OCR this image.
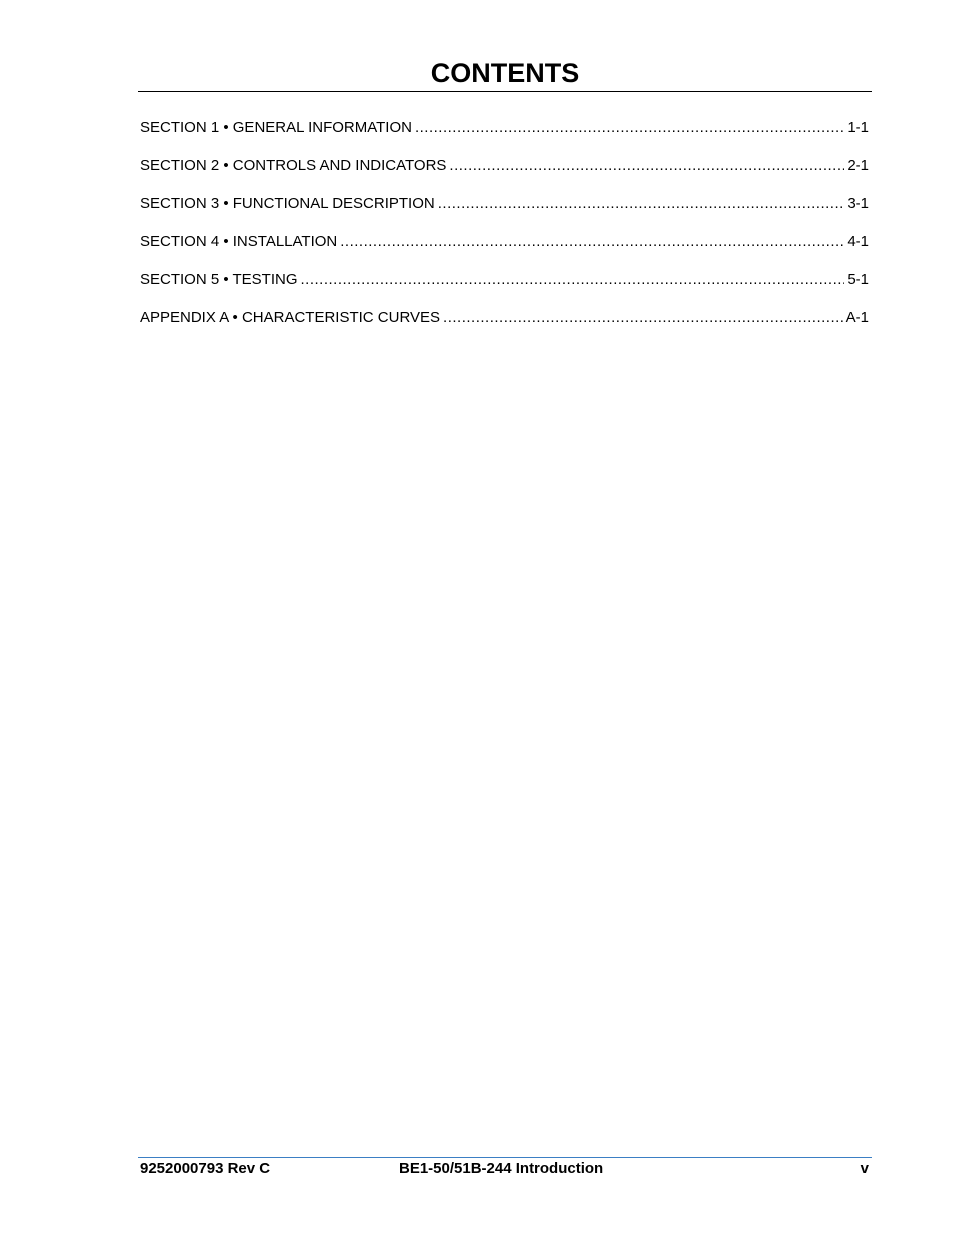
CONTENTS
SECTION 1 • GENERAL INFORMATION .....	1-1
SECTION 2 • CONTROLS AND INDICATORS .....	2-1
SECTION 3 • FUNCTIONAL DESCRIPTION .....	3-1
SECTION 4 • INSTALLATION .....	4-1
SECTION 5 • TESTING .....	5-1
APPENDIX A • CHARACTERISTIC CURVES .....	A-1
9252000793 Rev C	BE1-50/51B-244 Introduction	v
